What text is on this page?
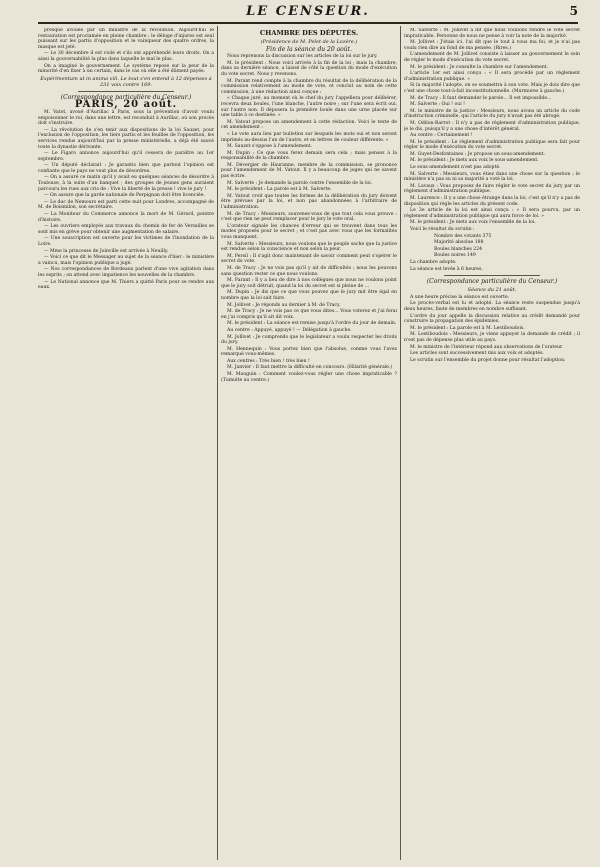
LE CENSEUR.	5

presque avouée par un ministre de la révolution. Aujourd'hui le restauration est proclamée en pleine chambre ; le déluge d'injures est seul puissant sur les partis d'opposition et le vainqueur des quatre ordres, la masque est jeté.

— Le 30 décembre il est violé et s'ils ont appréhendé leurs droits. On a ainsi la gouvernabilité la plus dans laquelle le mal le plus.

On a imaginé le gouvernement. Le système repose sur la peur de la minorité d'en fixer à un certain, dans le cas où elle a été dûment payée.

Expérimentum ut in anima vili. Le tout s'en entend à 12 dépenses à 231 voix contre 169.
(Correspondance particulière du Censeur.)
PARIS, 20 août.

M. Vatot, avoué d'Aurillac à Paris, sous la prévention d'avoir voulu empoisonner le roi, dans une lettre, est reconduit à Aurillac, où son procès doit s'instruire.

— La révolution de s'en tenir aux dispositions de la loi Sauzet, pour l'exclusion de l'opposition, les tiers partis et les feuilles de l'opposition, les services rendus aujourd'hui par la presse ministérielle, a déjà été sauvé toute la dynastie dérivante.

— Le Figaro annonce aujourd'hui qu'il cessera de paraître au 1er septembre.

— Un député déclarait : Je garantis bien que partout l'opinion est confiante que le pays ne veut plus de désordres.

— On a assuré ce matin qu'il y avait eu quelques séances de désordre à Toulouse, à la suite d'un banquet ; des groupes de jeunes gens auraient parcouru les rues aux cris de : Vive la liberté de la presse ! vive le jury !

— On assure que la garde nationale de Perpignan doit être licenciée.

— Le duc de Nemours est parti cette nuit pour Londres, accompagné de M. de Boismilon, son secrétaire.

— La Moniteur du Commerce annonce la mort de M. Gérard, peintre d'histoire.

— Les ouvriers employés aux travaux du chemin de fer de Versailles se sont mis en grève pour obtenir une augmentation de salaire.

— Une souscription est ouverte pour les victimes de l'inondation de la Loire.

— Mme la princesse de Joinville est arrivée à Neuilly.

— Voici ce que dit le Messager au sujet de la séance d'hier : le ministère a vaincu, mais l'opinion publique a jugé.

— Nos correspondances de Bordeaux parlent d'une vive agitation dans les esprits ; on attend avec impatience les nouvelles de la chambre.

— Le National annonce que M. Thiers a quitté Paris pour se rendre aux eaux.

CHAMBRE DES DÉPUTÉS.
(Présidence de M. Pelet de la Lozère.)
Fin de la séance du 20 août.

Nous reprenons la discussion sur les articles de la loi sur le jury.

M. le président : Nous voici arrivés à la fin de la loi ; mais la chambre, dans sa dernière séance, a laissé de côté la question du mode d'exécution du vote secret. Nous y revenons.

M. Parant rend compte à la chambre du résultat de la délibération de la commission relativement au mode de vote, et conclut au nom de cette commission, à une rédaction ainsi conçue :

« Chaque juré, au moment où le chef du jury l'appellera pour délibérer, recevra deux boules, l'une blanche, l'autre noire ; sur l'une sera écrit oui, sur l'autre non. Il déposera la première boule dans une urne placée sur une table à ce destinée. »

M. Vatout propose un amendement à cette rédaction. Voici le texte de cet amendement :

« Le vote aura lieu par bulletins sur lesquels les mots oui et non seront imprimés au-dessus l'un de l'autre, et en lettres de couleur différente. »

M. Sauzet s'oppose à l'amendement.

M. Dupin : Ce que vous ferez demain sera cela ; mais pensez à la responsabilité de la chambre.

M. Dévergier de Hauranne, membre de la commission, se prononce pour l'amendement de M. Vatout. Il y a beaucoup de juges qui ne savent pas écrire.

M. Salverte : Je demande la parole contre l'ensemble de la loi.

M. le président : La parole est à M. Salverte.

M. Vatout croit que toutes les formes de la délibération du jury doivent être prévues par la loi, et non pas abandonnées à l'arbitraire de l'administration.

M. de Tracy : Messieurs, souvenez-vous de que tout cela vous prouve : c'est que rien ne peut remplacer pour le jury le vote oral.

L'orateur signale les chances d'erreur qui se trouvent dans tous les modes proposés pour le secret ; et c'est pas avec vous que les formalités vous manquent.

M. Salverte : Messieurs, nous voulons que le peuple sache que la justice est rendue selon la conscience et non selon la peur.

M. Persil : Il s'agit donc maintenant de savoir comment peut s'opérer le secret du vote.

M. de Tracy : Je ne vois pas qu'il y ait de difficultés ; nous les pouvons sans question rester ce que nous voulons.

M. Parant : Il y a lieu de dire à nos collègues que nous ne voulons point que le jury soit détruit, quand la loi du secret est si pleine de ...

M. Dupin : Je dis que ce que vous pouvez que le jury mit être égal en nombre que la loi sait faire.

M. Jollivet : Je réponds au dernier à M. de Tracy.

M. de Tracy : Je ne vois pas ce que vous dites... Vous voterez et j'ai ferai en j'ai compris qu'il ait dit voix.

M. le président : La séance est remise jusqu'à l'ordre du jour de demain.

Au centre : Appuyé, appuyé ! — Délégation à gauche.

M. Jollivet : Je comprends que le legislateur a voulu respecter les droits du jury.

M. Hennequin : Vous portez bien que l'absolue, comme vous l'avez remarqué vous-mêmes.

Aux centres : Très bien ! très bien !

M. Janvier : Il faut mettre la difficulté en concours. (Hilarité générale.)

M. Mauguin : Comment voulez-vous régler une chose impraticable ? (Tumulte au centre.)

M. Salverte : M. Jollivet a dit que nous voulions rendre le vote secret impraticable. Personne de nous ne pense à voir la note de la majorité.

M. Jollivet : J'étais ici, l'ai dit que le tout à vous ma foi, et je n'ai pas voulu rien dire au fond de ma pensée. (Rires.)

L'amendement de M. Jollivet consiste à laisser au gouvernement le soin de régler le mode d'exécution du vote secret.

M. le président : Je consulte la chambre sur l'amendement.

L'article 1er est ainsi conçu : « Il sera procédé par un règlement d'administration publique. »

Si la majorité l'adopte, on se soumettra à son vote. Mais je dois dire que c'est une chose tout-à-fait inconstitutionnelle. (Murmures à gauche.)

M. de Tracy : Il faut demander le parole... Il est impossible...

M. Salverte : Oui ! oui !

M. le ministre de la justice : Messieurs, nous avons un article du code d'instruction criminelle, qui l'article du jury n'avait pas été abrogé.

M. Odilon-Barrot : Il n'y a pas de règlement d'administration publique, je le dis, puisqu'il y a une chose d'intérêt général.

Au centre : Certainement !

M. le président : Le règlement d'administration publique sera fait pour régler le mode d'exécution du vote secret.

M. Guyet-Desfontaines : Je propose un sous-amendement.

M. le président : Je mets aux voix le sous-amendement.

Le sous-amendement n'est pas adopté.

M. Salverte : Messieurs, vous étiez dans une chose sur la question ; le ministère n'a pas su ni sa majorité a voté la loi.

M. Lavaux : Vous proposez de faire régler le vote secret du jury par un règlement d'administration publique.

M. Laurence : Il y a une chose étrange dans la loi, c'est qu'il n'y a pas de disposition qui règle les articles du présent code.

Le 3e article de la loi est ainsi conçu : « Il sera pourvu, par un règlement d'administration publique qui aura force de loi. »

M. le président : Je mets aux voix l'ensemble de la loi.

Voici le résultat du scrutin :

Nombre des votants 375

Majorité absolue 188

Boules blanches 224

Boules noires 149

La chambre adopte.

La séance est levée à 6 heures.

(Correspondance particulière du Censeur.)
Séance du 21 août.

A une heure précise la séance est ouverte.

Le procès-verbal est lu et adopté. La séance reste suspendue jusqu'à deux heures, faute de membres en nombre suffisant.

L'ordre du jour appelle la discussion relative au crédit demandé pour construire la propagation des épidémies.

M. le président : La parole est à M. Lestiboudois.

M. Lestiboudois : Messieurs, je viens appuyer la demande de crédit ; il n'est pas de dépense plus utile au pays.

M. le ministre de l'intérieur répond aux observations de l'orateur.

Les articles sont successivement mis aux voix et adoptés.

Le scrutin sur l'ensemble du projet donne pour résultat l'adoption.
